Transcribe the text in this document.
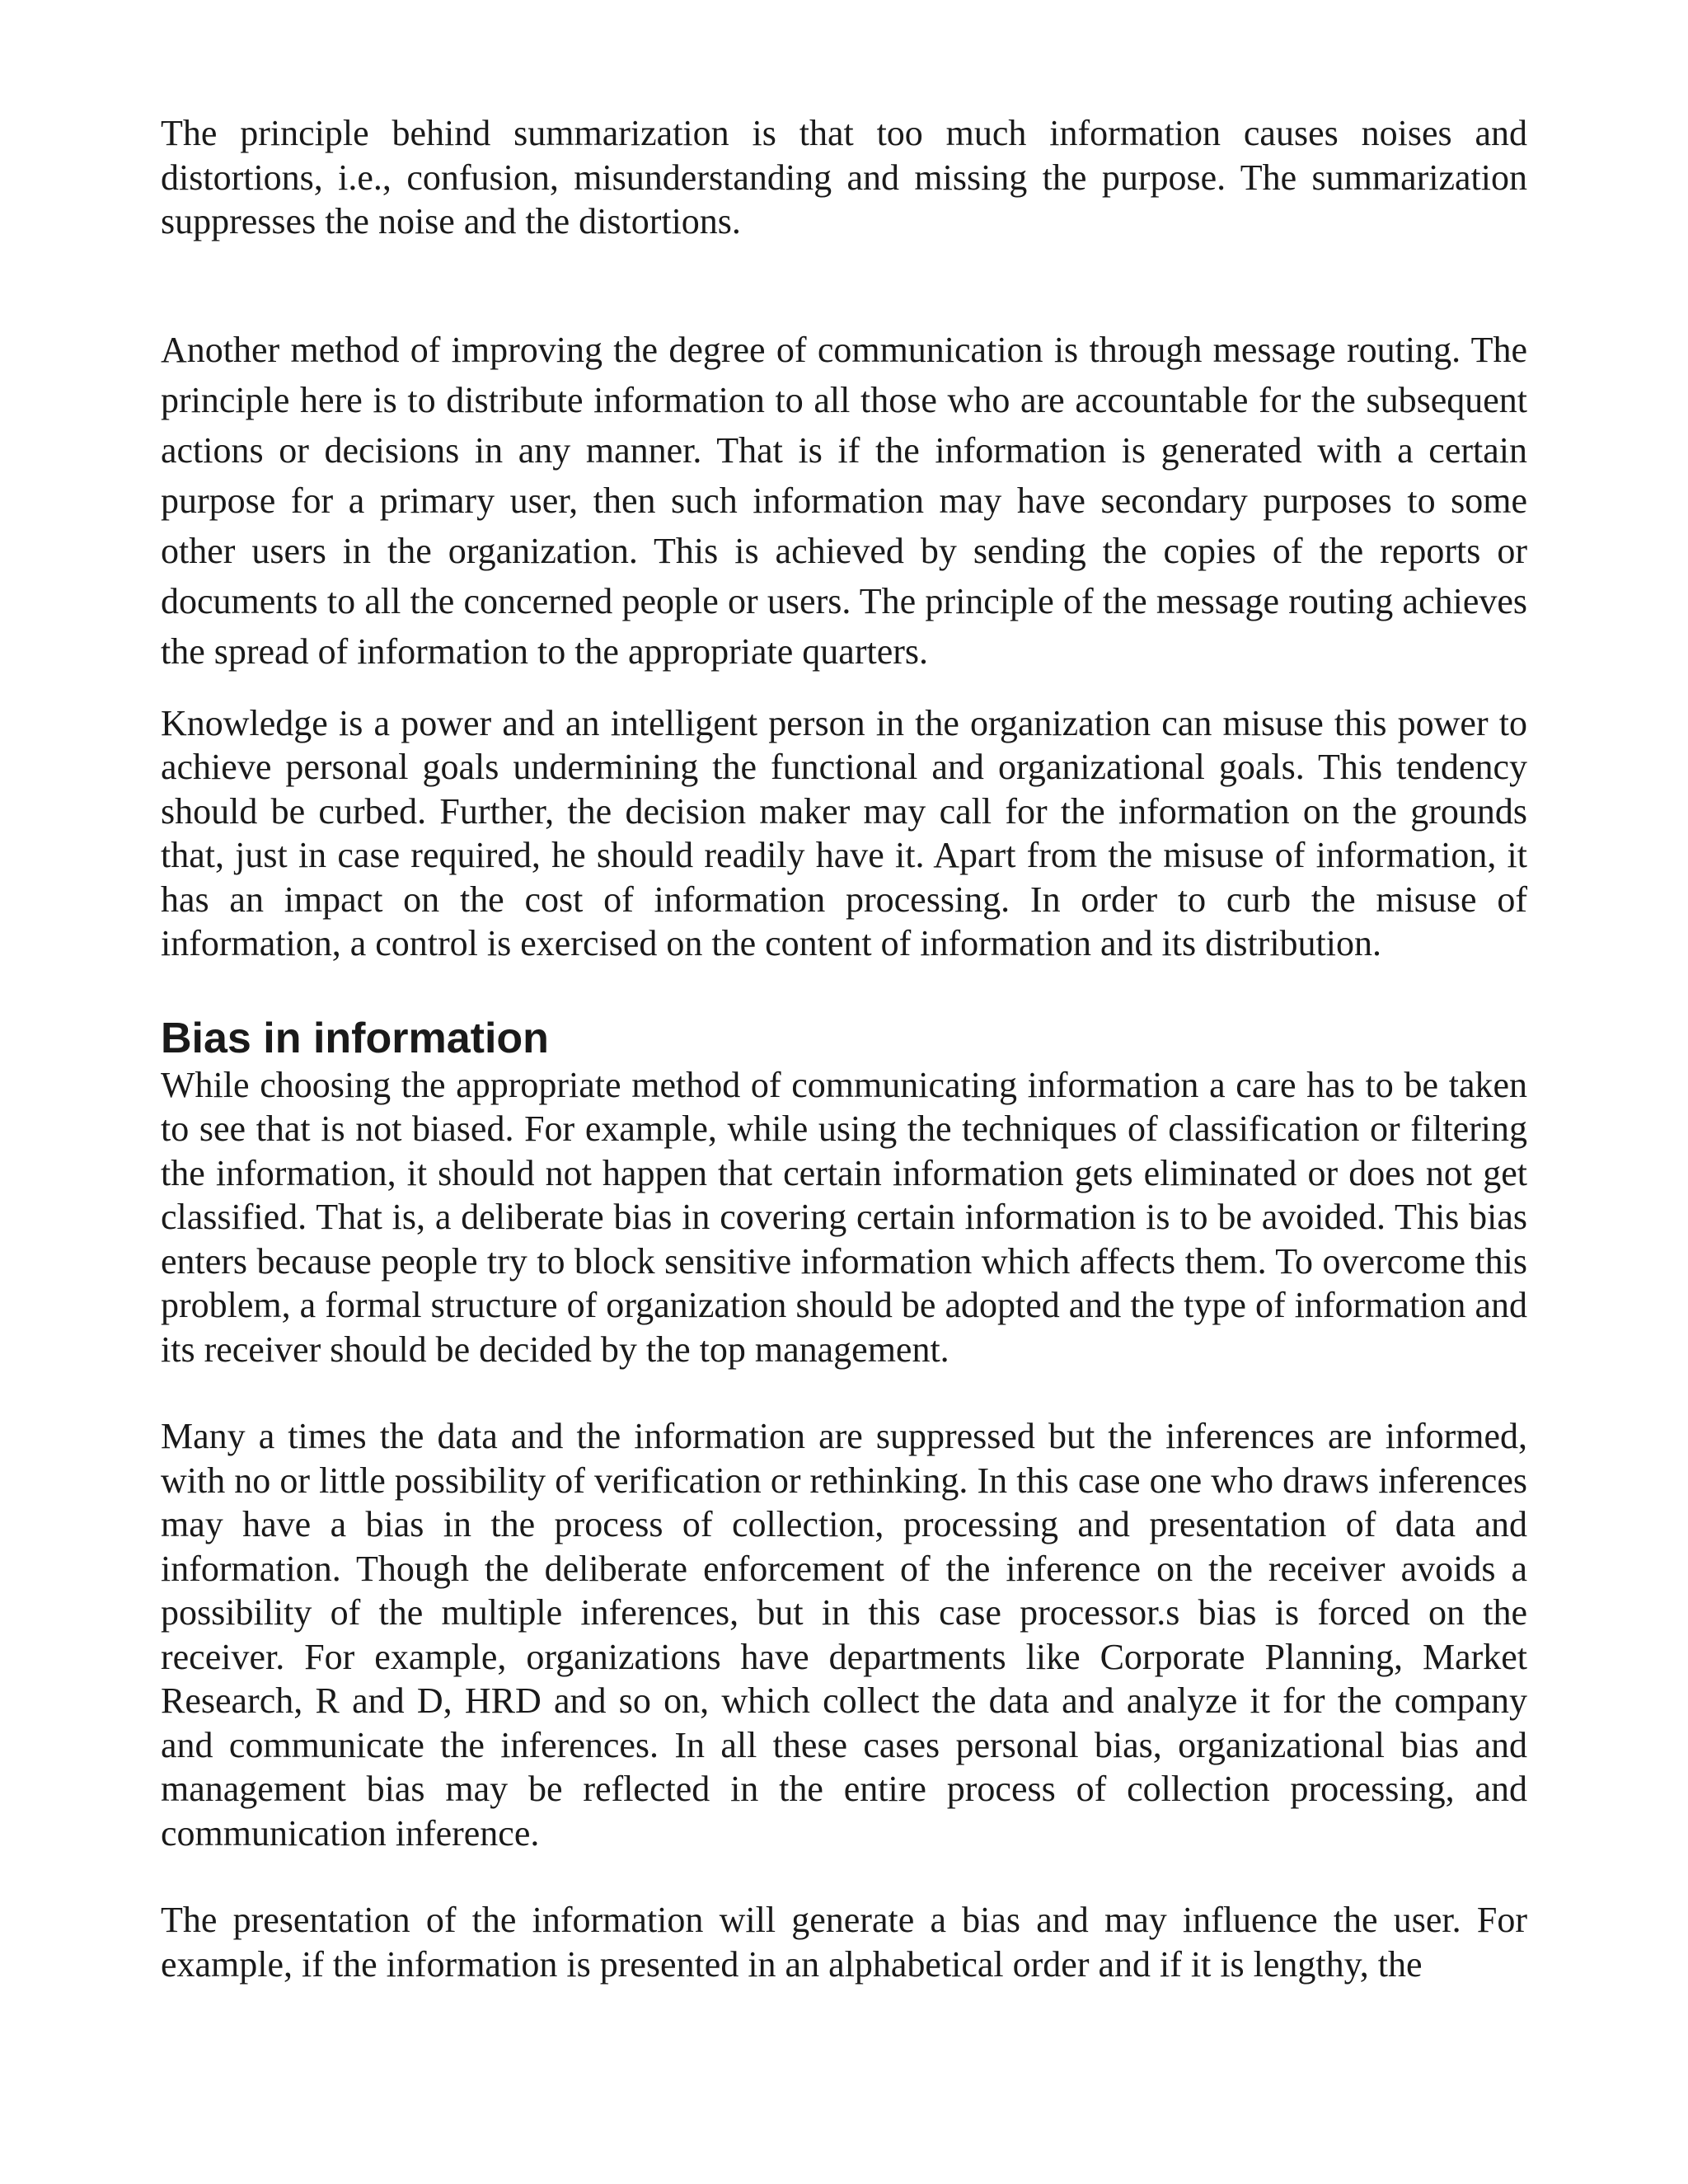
The principle behind summarization is that too much information causes noises and distortions, i.e., confusion, misunderstanding and missing the purpose. The summarization suppresses the noise and the distortions.

Another method of improving the degree of communication is through message routing. The principle here is to distribute information to all those who are accountable for the subsequent actions or decisions in any manner. That is if the information is generated with a certain purpose for a primary user, then such information may have secondary purposes to some other users in the organization. This is achieved by sending the copies of the reports or documents to all the concerned people or users. The principle of the message routing achieves the spread of information to the appropriate quarters.

Knowledge is a power and an intelligent person in the organization can misuse this power to achieve personal goals undermining the functional and organizational goals. This tendency should be curbed. Further, the decision maker may call for the information on the grounds that, just in case required, he should readily have it. Apart from the misuse of information, it has an impact on the cost of information processing. In order to curb the misuse of information, a control is exercised on the content of information and its distribution.

Bias in information

While choosing the appropriate method of communicating information a care has to be taken to see that is not biased. For example, while using the techniques of classification or filtering the information, it should not happen that certain information gets eliminated or does not get classified. That is, a deliberate bias in covering certain information is to be avoided. This bias enters because people try to block sensitive information which affects them. To overcome this problem, a formal structure of organization should be adopted and the type of information and its receiver should be decided by the top management.

Many a times the data and the information are suppressed but the inferences are informed, with no or little possibility of verification or rethinking. In this case one who draws inferences may have a bias in the process of collection, processing and presentation of data and information. Though the deliberate enforcement of the inference on the receiver avoids a possibility of the multiple inferences, but in this case processor.s bias is forced on the receiver. For example, organizations have departments like Corporate Planning, Market Research, R and D, HRD and so on, which collect the data and analyze it for the company and communicate the inferences. In all these cases personal bias, organizational bias and management bias may be reflected in the entire process of collection processing, and communication inference.

The presentation of the information will generate a bias and may influence the user. For example, if the information is presented in an alphabetical order and if it is lengthy, the
